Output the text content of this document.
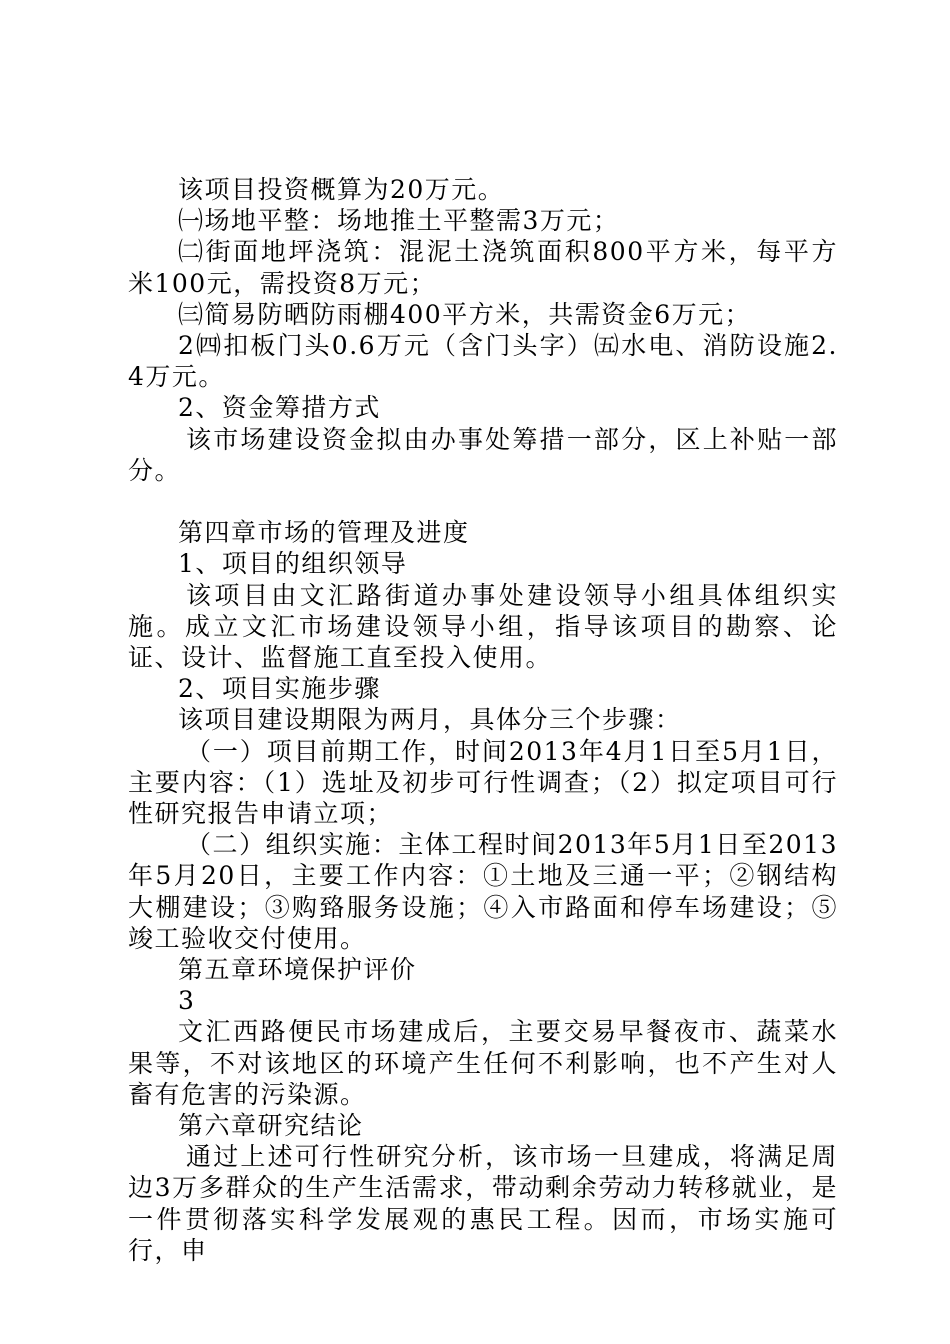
该项目投资概算为20万元。

㈠场地平整：场地推土平整需3万元；

㈡街面地坪浇筑：混泥土浇筑面积800平方米，每平方米100元，需投资8万元；

㈢简易防晒防雨棚400平方米，共需资金6万元；

2㈣扣板门头0.6万元（含门头字）㈤水电、消防设施2.4万元。

2、资金筹措方式

该市场建设资金拟由办事处筹措一部分，区上补贴一部分。

第四章市场的管理及进度

1、项目的组织领导

该项目由文汇路街道办事处建设领导小组具体组织实施。成立文汇市场建设领导小组，指导该项目的勘察、论证、设计、监督施工直至投入使用。

2、项目实施步骤

该项目建设期限为两月，具体分三个步骤：

（一）项目前期工作，时间2013年4月1日至5月1日，主要内容：（1）选址及初步可行性调查；（2）拟定项目可行性研究报告申请立项；

（二）组织实施：主体工程时间2013年5月1日至2013年5月20日，主要工作内容：①土地及三通一平；②钢结构大棚建设；③购臵服务设施；④入市路面和停车场建设；⑤竣工验收交付使用。

第五章环境保护评价

3

文汇西路便民市场建成后，主要交易早餐夜市、蔬菜水果等，不对该地区的环境产生任何不利影响，也不产生对人畜有危害的污染源。

第六章研究结论

通过上述可行性研究分析，该市场一旦建成，将满足周边3万多群众的生产生活需求，带动剩余劳动力转移就业，是一件贯彻落实科学发展观的惠民工程。因而，市场实施可行，申
